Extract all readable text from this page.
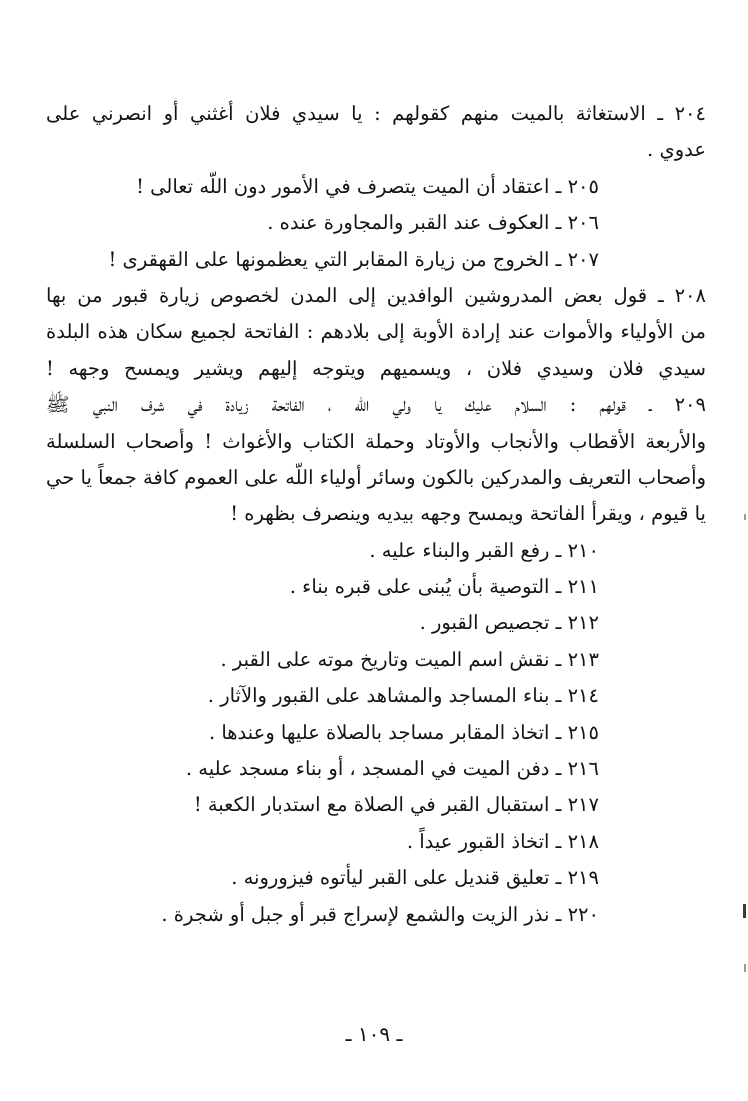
٢٠٤ ـ الاستغاثة بالميت منهم كقولهم : يا سيدي فلان أغثني أو انصرني على
عدوي .
٢٠٥ ـ اعتقاد أن الميت يتصرف في الأمور دون اللّه تعالى !
٢٠٦ ـ العكوف عند القبر والمجاورة عنده .
٢٠٧ ـ الخروج من زيارة المقابر التي يعظمونها على القهقرى !
٢٠٨ ـ قول بعض المدروشين الوافدين إلى المدن لخصوص زيارة قبور من بها
من الأولياء والأموات عند إرادة الأوبة إلى بلادهم : الفاتحة لجميع سكان هذه البلدة
سيدي فلان وسيدي فلان ، ويسميهم ويتوجه إليهم ويشير ويمسح وجهه !
٢٠٩ ـ قولهم : السلام عليك يا ولي اللّه ، الفاتحة زيادة في شرف النبي ﷺ
والأربعة الأقطاب والأنجاب والأوتاد وحملة الكتاب والأغواث ! وأصحاب السلسلة
وأصحاب التعريف والمدركين بالكون وسائر أولياء اللّه على العموم كافة جمعاً يا حي
يا قيوم ، ويقرأ الفاتحة ويمسح وجهه بيديه وينصرف بظهره !
٢١٠ ـ رفع القبر والبناء عليه .
٢١١ ـ التوصية بأن يُبنى على قبره بناء .
٢١٢ ـ تجصيص القبور .
٢١٣ ـ نقش اسم الميت وتاريخ موته على القبر .
٢١٤ ـ بناء المساجد والمشاهد على القبور والآثار .
٢١٥ ـ اتخاذ المقابر مساجد بالصلاة عليها وعندها .
٢١٦ ـ دفن الميت في المسجد ، أو بناء مسجد عليه .
٢١٧ ـ استقبال القبر في الصلاة مع استدبار الكعبة !
٢١٨ ـ اتخاذ القبور عيداً .
٢١٩ ـ تعليق قنديل على القبر ليأتوه فيزورونه .
٢٢٠ ـ نذر الزيت والشمع لإسراج قبر أو جبل أو شجرة .
ـ ١٠٩ ـ
